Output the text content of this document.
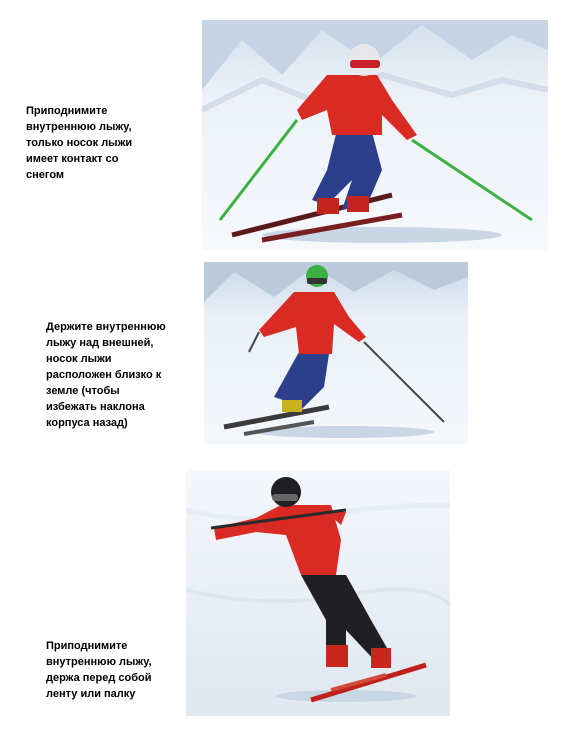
Приподнимите внутреннюю лыжу, только носок лыжи имеет контакт со снегом
Держите внутреннюю лыжу над внешней, носок лыжи расположен близко к земле (чтобы избежать наклона корпуса назад)
Приподнимите внутреннюю лыжу, держа перед собой ленту или палку
